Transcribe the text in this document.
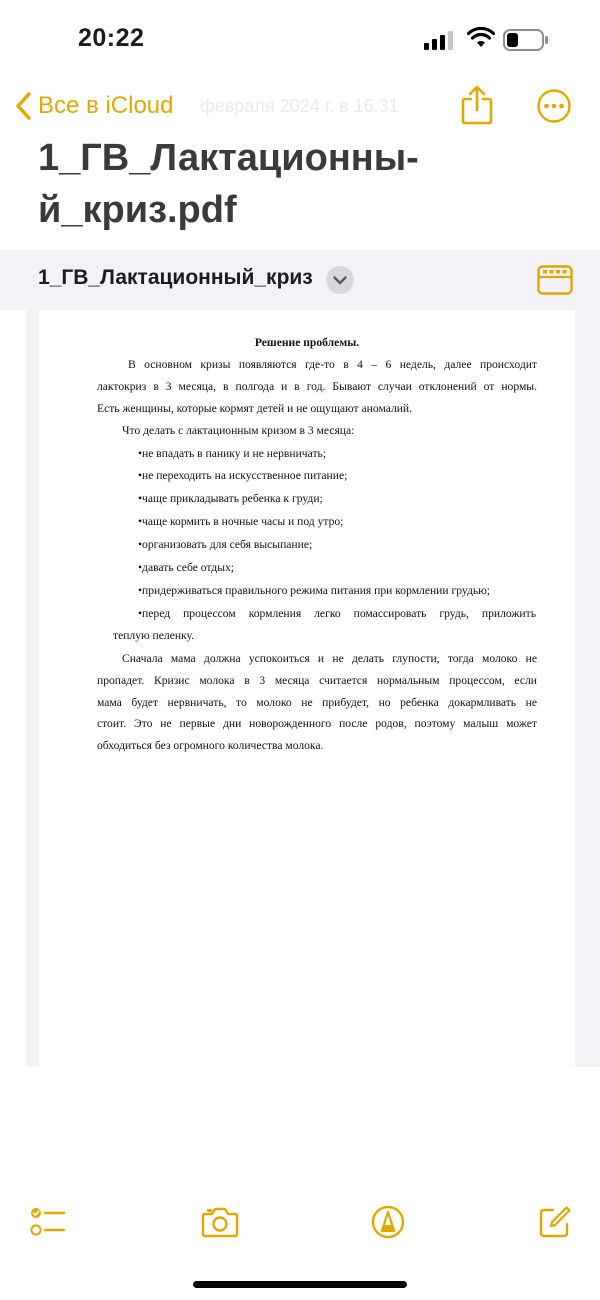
20:22
Все в iCloud февраля 2024 г. в 16:31
1_ГВ_Лактационны-
й_криз.pdf
1_ГВ_Лактационный_криз
Решение проблемы.
В основном кризы появляются где-то в 4 – 6 недель, далее происходит
лактокриз в 3 месяца, в полгода и в год. Бывают случаи отклонений от нормы.
Есть женщины, которые кормят детей и не ощущают аномалий.
Что делать с лактационным кризом в 3 месяца:
•не впадать в панику и не нервничать;
•не переходить на искусственное питание;
•чаще прикладывать ребенка к груди;
•чаще кормить в ночные часы и под утро;
•организовать для себя высыпание;
•давать себе отдых;
•придерживаться правильного режима питания при кормлении грудью;
•перед процессом кормления легко помассировать грудь, приложить
теплую пеленку.
Сначала мама должна успокоиться и не делать глупости, тогда молоко не
пропадет. Кризис молока в 3 месяца считается нормальным процессом, если
мама будет нервничать, то молоко не прибудет, но ребенка докармливать не
стоит. Это не первые дни новорожденного после родов, поэтому малыш может
обходиться без огромного количества молока.
